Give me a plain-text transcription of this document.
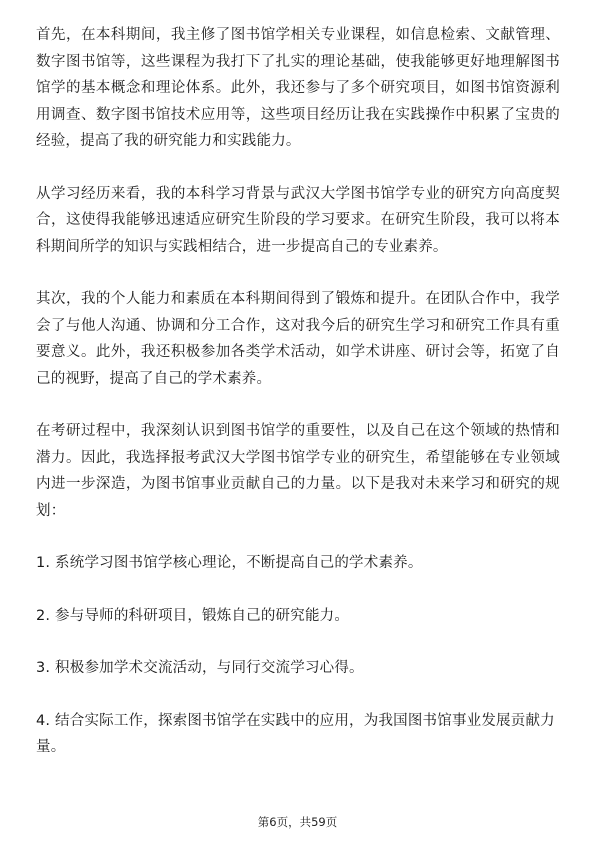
首先，在本科期间，我主修了图书馆学相关专业课程，如信息检索、文献管理、数字图书馆等，这些课程为我打下了扎实的理论基础，使我能够更好地理解图书馆学的基本概念和理论体系。此外，我还参与了多个研究项目，如图书馆资源利用调查、数字图书馆技术应用等，这些项目经历让我在实践操作中积累了宝贵的经验，提高了我的研究能力和实践能力。

从学习经历来看，我的本科学习背景与武汉大学图书馆学专业的研究方向高度契合，这使得我能够迅速适应研究生阶段的学习要求。在研究生阶段，我可以将本科期间所学的知识与实践相结合，进一步提高自己的专业素养。

其次，我的个人能力和素质在本科期间得到了锻炼和提升。在团队合作中，我学会了与他人沟通、协调和分工合作，这对我今后的研究生学习和研究工作具有重要意义。此外，我还积极参加各类学术活动，如学术讲座、研讨会等，拓宽了自己的视野，提高了自己的学术素养。

在考研过程中，我深刻认识到图书馆学的重要性，以及自己在这个领域的热情和潜力。因此，我选择报考武汉大学图书馆学专业的研究生，希望能够在专业领域内进一步深造，为图书馆事业贡献自己的力量。以下是我对未来学习和研究的规划：

1. 系统学习图书馆学核心理论，不断提高自己的学术素养。

2. 参与导师的科研项目，锻炼自己的研究能力。

3. 积极参加学术交流活动，与同行交流学习心得。

4. 结合实际工作，探索图书馆学在实践中的应用，为我国图书馆事业发展贡献力量。

第6页，共59页
